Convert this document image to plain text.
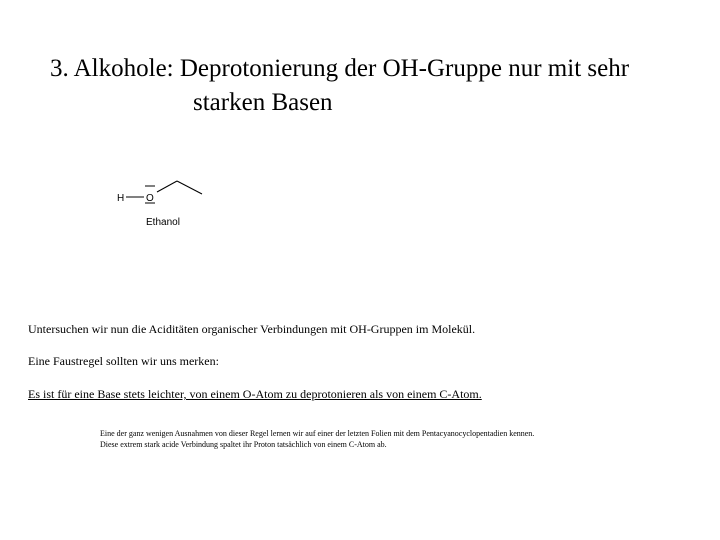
3. Alkohole: Deprotonierung der OH-Gruppe nur mit sehr
starken Basen
H O
Ethanol

Untersuchen wir nun die Aciditäten organischer Verbindungen mit OH-Gruppen im Molekül.

Eine Faustregel sollten wir uns merken:

Es ist für eine Base stets leichter, von einem O-Atom zu deprotonieren als von einem C-Atom.

Eine der ganz wenigen Ausnahmen von dieser Regel lernen wir auf einer der letzten Folien mit dem Pentacyanocyclopentadien kennen.
Diese extrem stark acide Verbindung spaltet ihr Proton tatsächlich von einem C-Atom ab.
